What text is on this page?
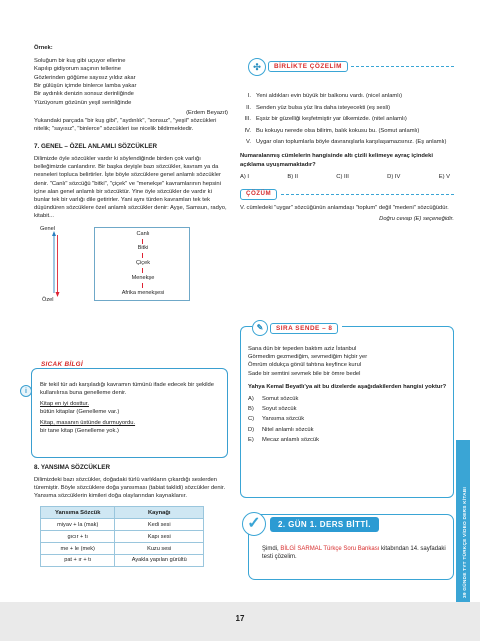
Örnek:
Soluğum bir kuş gibi uçuyor ellerine
Kapılıp gidiyorum saçının tellerine
Gözlerinden göğüme sayısız yıldız akar
Bir gülüşün içimde binlerce lamba yakar
Bir aydınlık denizin sonsuz derinliğinde
Yüzüyorum gözünün yeşil serinliğinde
(Erdem Beyazıt)

Yukarıdaki parçada "bir kuş gibi", "aydınlık", "sonsuz", "yeşil" sözcükleri nitelik; "sayısız", "binlerce" sözcükleri ise nicelik bildirmektedir.

7. GENEL – ÖZEL ANLAMLI SÖZCÜKLER

Dilimizde öyle sözcükler vardır ki söylendiğinde birden çok varlığı belleğimizde canlandırır. Bir başka deyişle bazı sözcükler, kavram ya da nesneleri topluca belirtirler. İşte böyle sözcüklere genel anlamlı sözcükler denir. "Canlı" sözcüğü "bitki", "çiçek" ve "menekşe" kavramlarının hepsini içine alan genel anlamlı bir sözcüktür. Yine öyle sözcükler de vardır ki bunlar tek bir varlığı dile getirirler. Yani aynı türden kavramları tek tek düşündüren sözcüklere özel anlamlı sözcükler denir: Ayşe, Samsun, radyo, kitabit...

Genel
Özel
Canlı
Bitki
Çiçek
Menekşe
Afrika menekşesi
SICAK BİLGİ
i

Bir tekil tür adı karşıladığı kavramın tümünü ifade edecek bir şekilde kullanılırsa buna genelleme denir.

Kitap en iyi dosttur.
bütün kitaplar (Genelleme var.)
Kitap, masanın üstünde durmuyordu.
bir tane kitap (Genelleme yok.)
8. YANSIMA SÖZCÜKLER

Dilimizdeki bazı sözcükler, doğadaki türlü varlıkların çıkardığı seslerden türemiştir. Böyle sözcüklere doğa yansıması (tabiat taklidi) sözcükler denir. Yansıma sözcüklerin kimileri doğa olaylarından kaynaklanır.

Yansıma Sözcük	Kaynağı
miyav + la (mak)	Kedi sesi
gıcır + tı	Kapı sesi
me + le (mek)	Kuzu sesi
pat + ır + tı	Ayakla yapılan gürültü
✣	BİRLİKTE ÇÖZELİM
I. Yeni aldıkları evin büyük bir balkonu vardı. (nicel anlamlı)
II. Senden yüz bulsa yüz lira daha isteyecekti (eş sesli)
III. Eşsiz bir güzelliği keşfetmiştir yar ülkemizde. (nitel anlamlı)
IV. Bu kokuyu nerede olsa bilirim, balık kokusu bu. (Somut anlamlı)
V. Uygar olan toplumlarla böyle davranışlarla karşılaşamazsınız. (Eş anlamlı)

Numaralanmış cümlelerin hangisinde altı çizili kelimeye ayraç içindeki açıklama uyuşmamaktadır?

A) I	B) II	C) III	D) IV	E) V
ÇÖZÜM

V. cümledeki "uygar" sözcüğünün anlamdaşı "toplum" değil "medeni" sözcüğüdür.

Doğru cevap (E) seçeneğidir.

✎	SIRA SENDE – 8
Sana dün bir tepeden baktım aziz İstanbul
Görmedim gezmediğim, sevmediğim hiçbir yer
Ömrüm oldukça gönül tahtına keyfince kurul
Sade bir semtini sevmek bile bir ömre bedel

Yahya Kemal Beyatlı'ya ait bu dizelerde aşağıdakilerden hangisi yoktur?

A)	Somut sözcük
B)	Soyut sözcük
C)	Yansıma sözcük
D)	Nitel anlamlı sözcük
E)	Mecaz anlamlı sözcük
✓	2. GÜN 1. DERS BİTTİ.
Şimdi, BİLGİ SARMAL Türkçe Soru Bankası kitabından 14. sayfadaki testi çözelim.	39 GÜNDE TYT TÜRKÇE VİDEO DERS KİTABI
17
